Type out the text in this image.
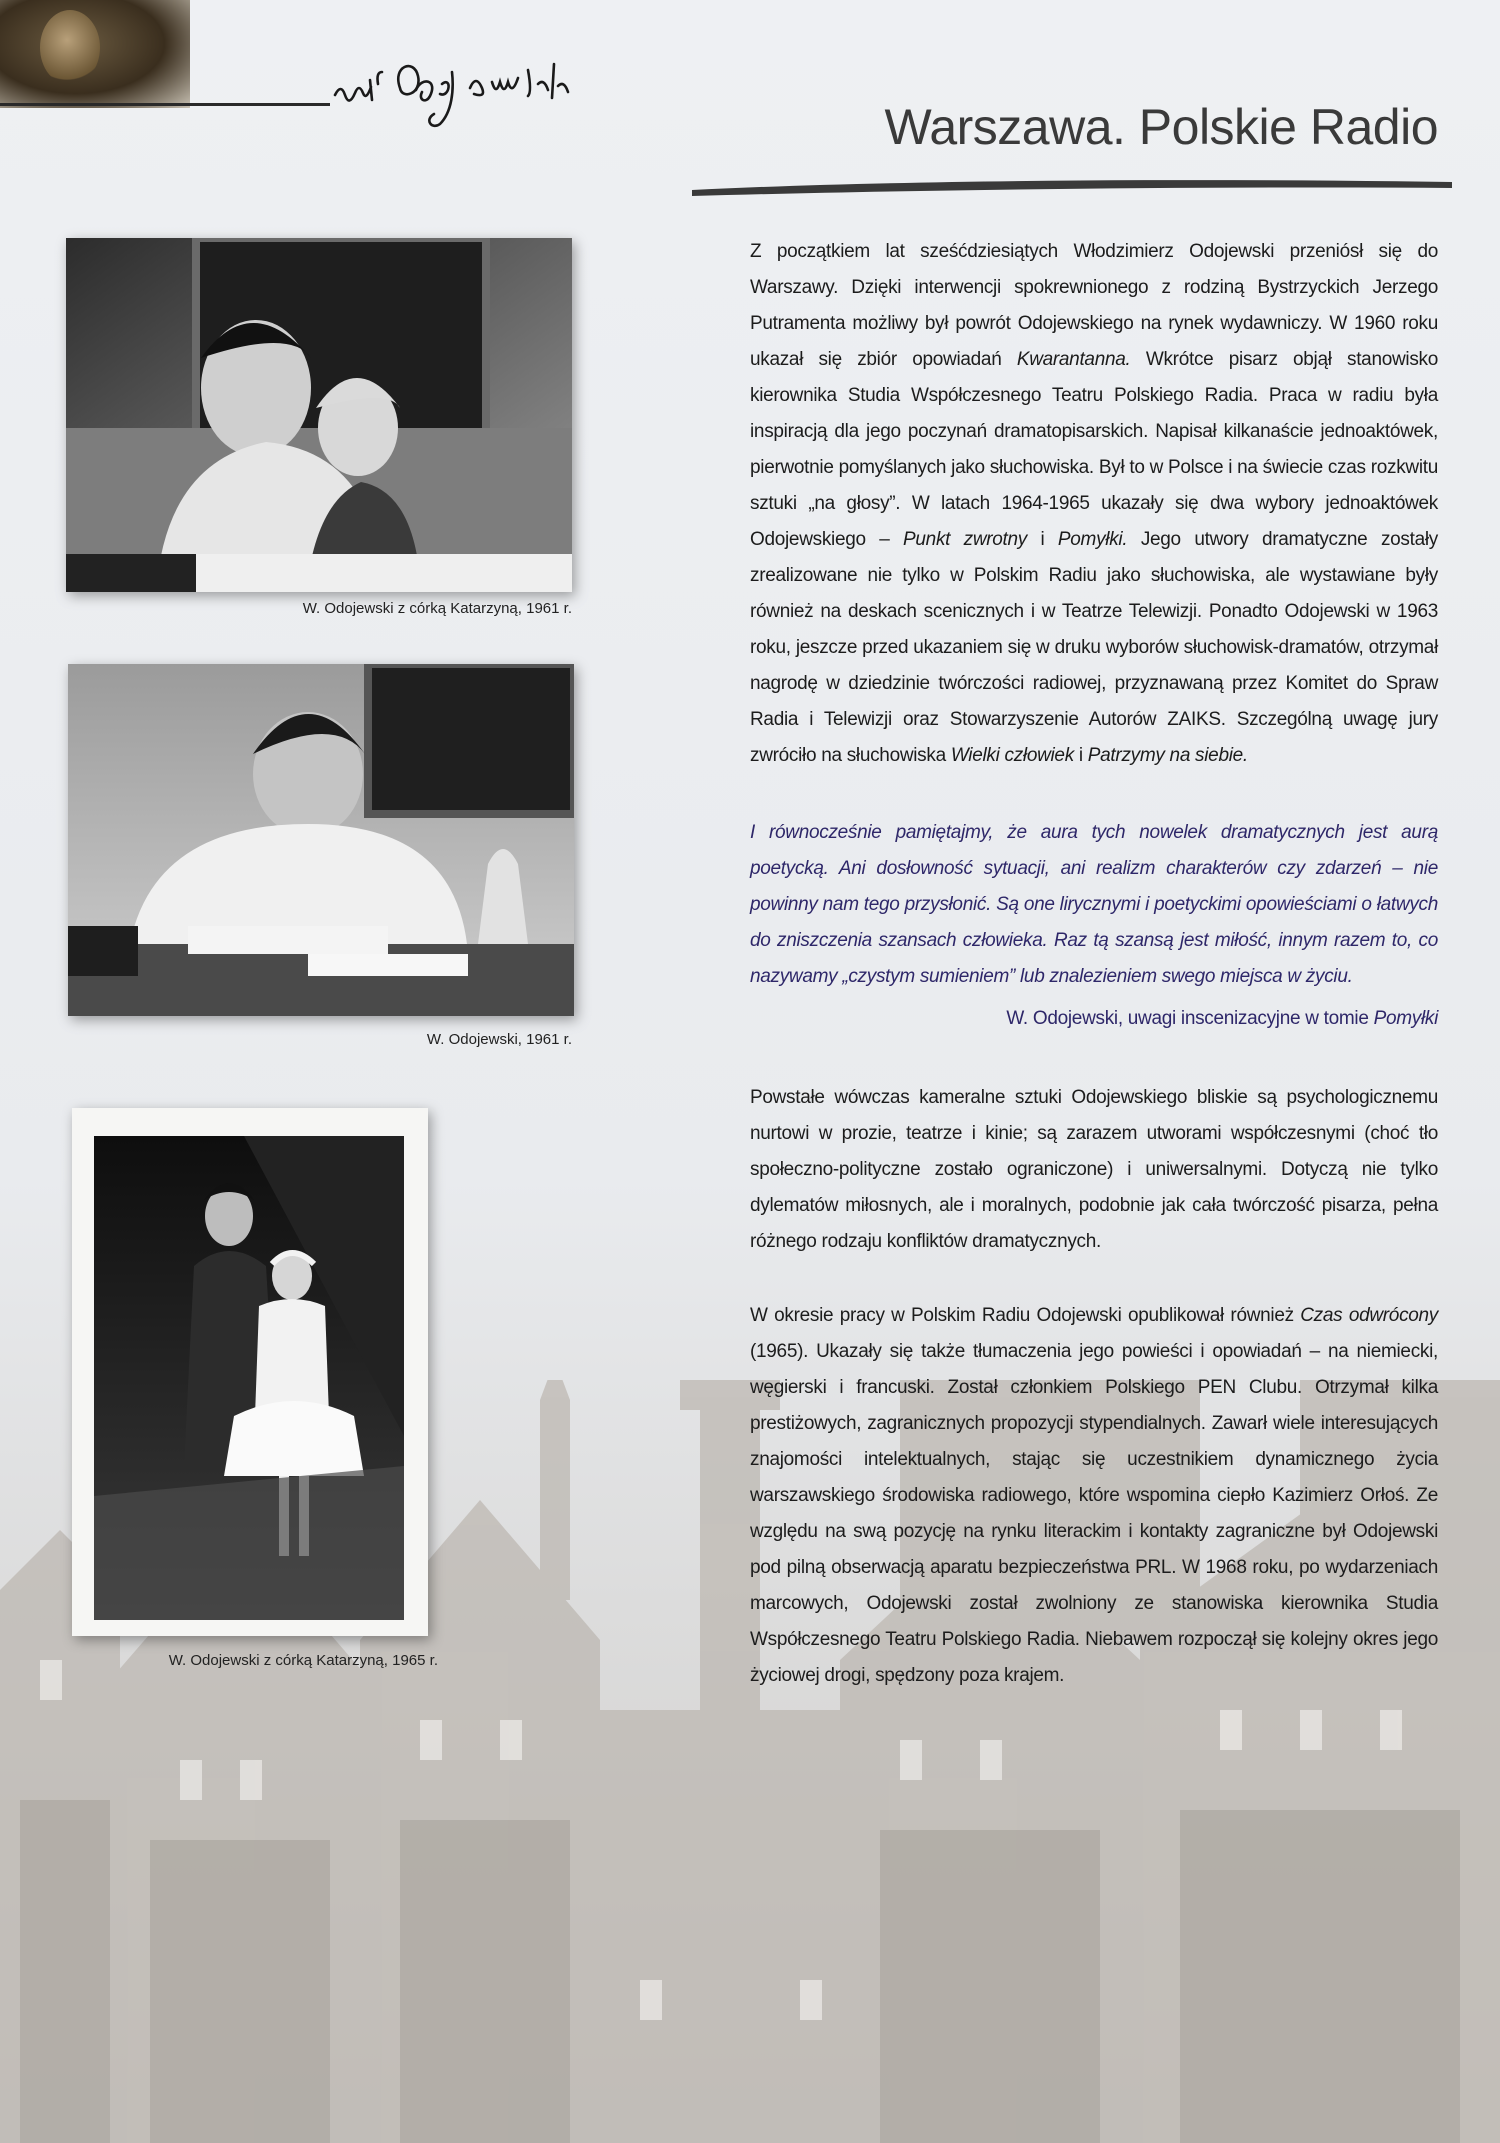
Warszawa. Polskie Radio

W. Odojewski z córką Katarzyną, 1961 r.

W. Odojewski, 1961 r.

W. Odojewski z córką Katarzyną, 1965 r.

Z początkiem lat sześćdziesiątych Włodzimierz Odojewski przeniósł się do Warszawy. Dzięki interwencji spokrewnionego z rodziną Bystrzyckich Jerzego Putramenta możliwy był powrót Odojewskiego na rynek wydawniczy. W 1960 roku ukazał się zbiór opowiadań Kwarantanna. Wkrótce pisarz objął stanowisko kierownika Studia Współczesnego Teatru Polskiego Radia. Praca w radiu była inspiracją dla jego poczynań dramatopisarskich. Napisał kilkanaście jednoaktówek, pierwotnie pomyślanych jako słuchowiska. Był to w Polsce i na świecie czas rozkwitu sztuki „na głosy”. W latach 1964-1965 ukazały się dwa wybory jednoaktówek Odojewskiego – Punkt zwrotny i Pomyłki. Jego utwory dramatyczne zostały zrealizowane nie tylko w Polskim Radiu jako słuchowiska, ale wystawiane były również na deskach scenicznych i w Teatrze Telewizji. Ponadto Odojewski w 1963 roku, jeszcze przed ukazaniem się w druku wyborów słuchowisk-dramatów, otrzymał nagrodę w dziedzinie twórczości radiowej, przyznawaną przez Komitet do Spraw Radia i Telewizji oraz Stowarzyszenie Autorów ZAIKS. Szczególną uwagę jury zwróciło na słuchowiska Wielki człowiek i Patrzymy na siebie.

I równocześnie pamiętajmy, że aura tych nowelek dramatycznych jest aurą poetycką. Ani dosłowność sytuacji, ani realizm charakterów czy zdarzeń – nie powinny nam tego przysłonić. Są one lirycznymi i poetyckimi opowieściami o łatwych do zniszczenia szansach człowieka. Raz tą szansą jest miłość, innym razem to, co nazywamy „czystym sumieniem” lub znalezieniem swego miejsca w życiu.

W. Odojewski, uwagi inscenizacyjne w tomie Pomyłki

Powstałe wówczas kameralne sztuki Odojewskiego bliskie są psychologicznemu nurtowi w prozie, teatrze i kinie; są zarazem utworami współczesnymi (choć tło społeczno-polityczne zostało ograniczone) i uniwersalnymi. Dotyczą nie tylko dylematów miłosnych, ale i moralnych, podobnie jak cała twórczość pisarza, pełna różnego rodzaju konfliktów dramatycznych.

W okresie pracy w Polskim Radiu Odojewski opublikował również Czas odwrócony (1965). Ukazały się także tłumaczenia jego powieści i opowiadań – na niemiecki, węgierski i francuski. Został członkiem Polskiego PEN Clubu. Otrzymał kilka prestiżowych, zagranicznych propozycji stypendialnych. Zawarł wiele interesujących znajomości intelektualnych, stając się uczestnikiem dynamicznego życia warszawskiego środowiska radiowego, które wspomina ciepło Kazimierz Orłoś. Ze względu na swą pozycję na rynku literackim i kontakty zagraniczne był Odojewski pod pilną obserwacją aparatu bezpieczeństwa PRL. W 1968 roku, po wydarzeniach marcowych, Odojewski został zwolniony ze stanowiska kierownika Studia Współczesnego Teatru Polskiego Radia. Niebawem rozpoczął się kolejny okres jego życiowej drogi, spędzony poza krajem.
